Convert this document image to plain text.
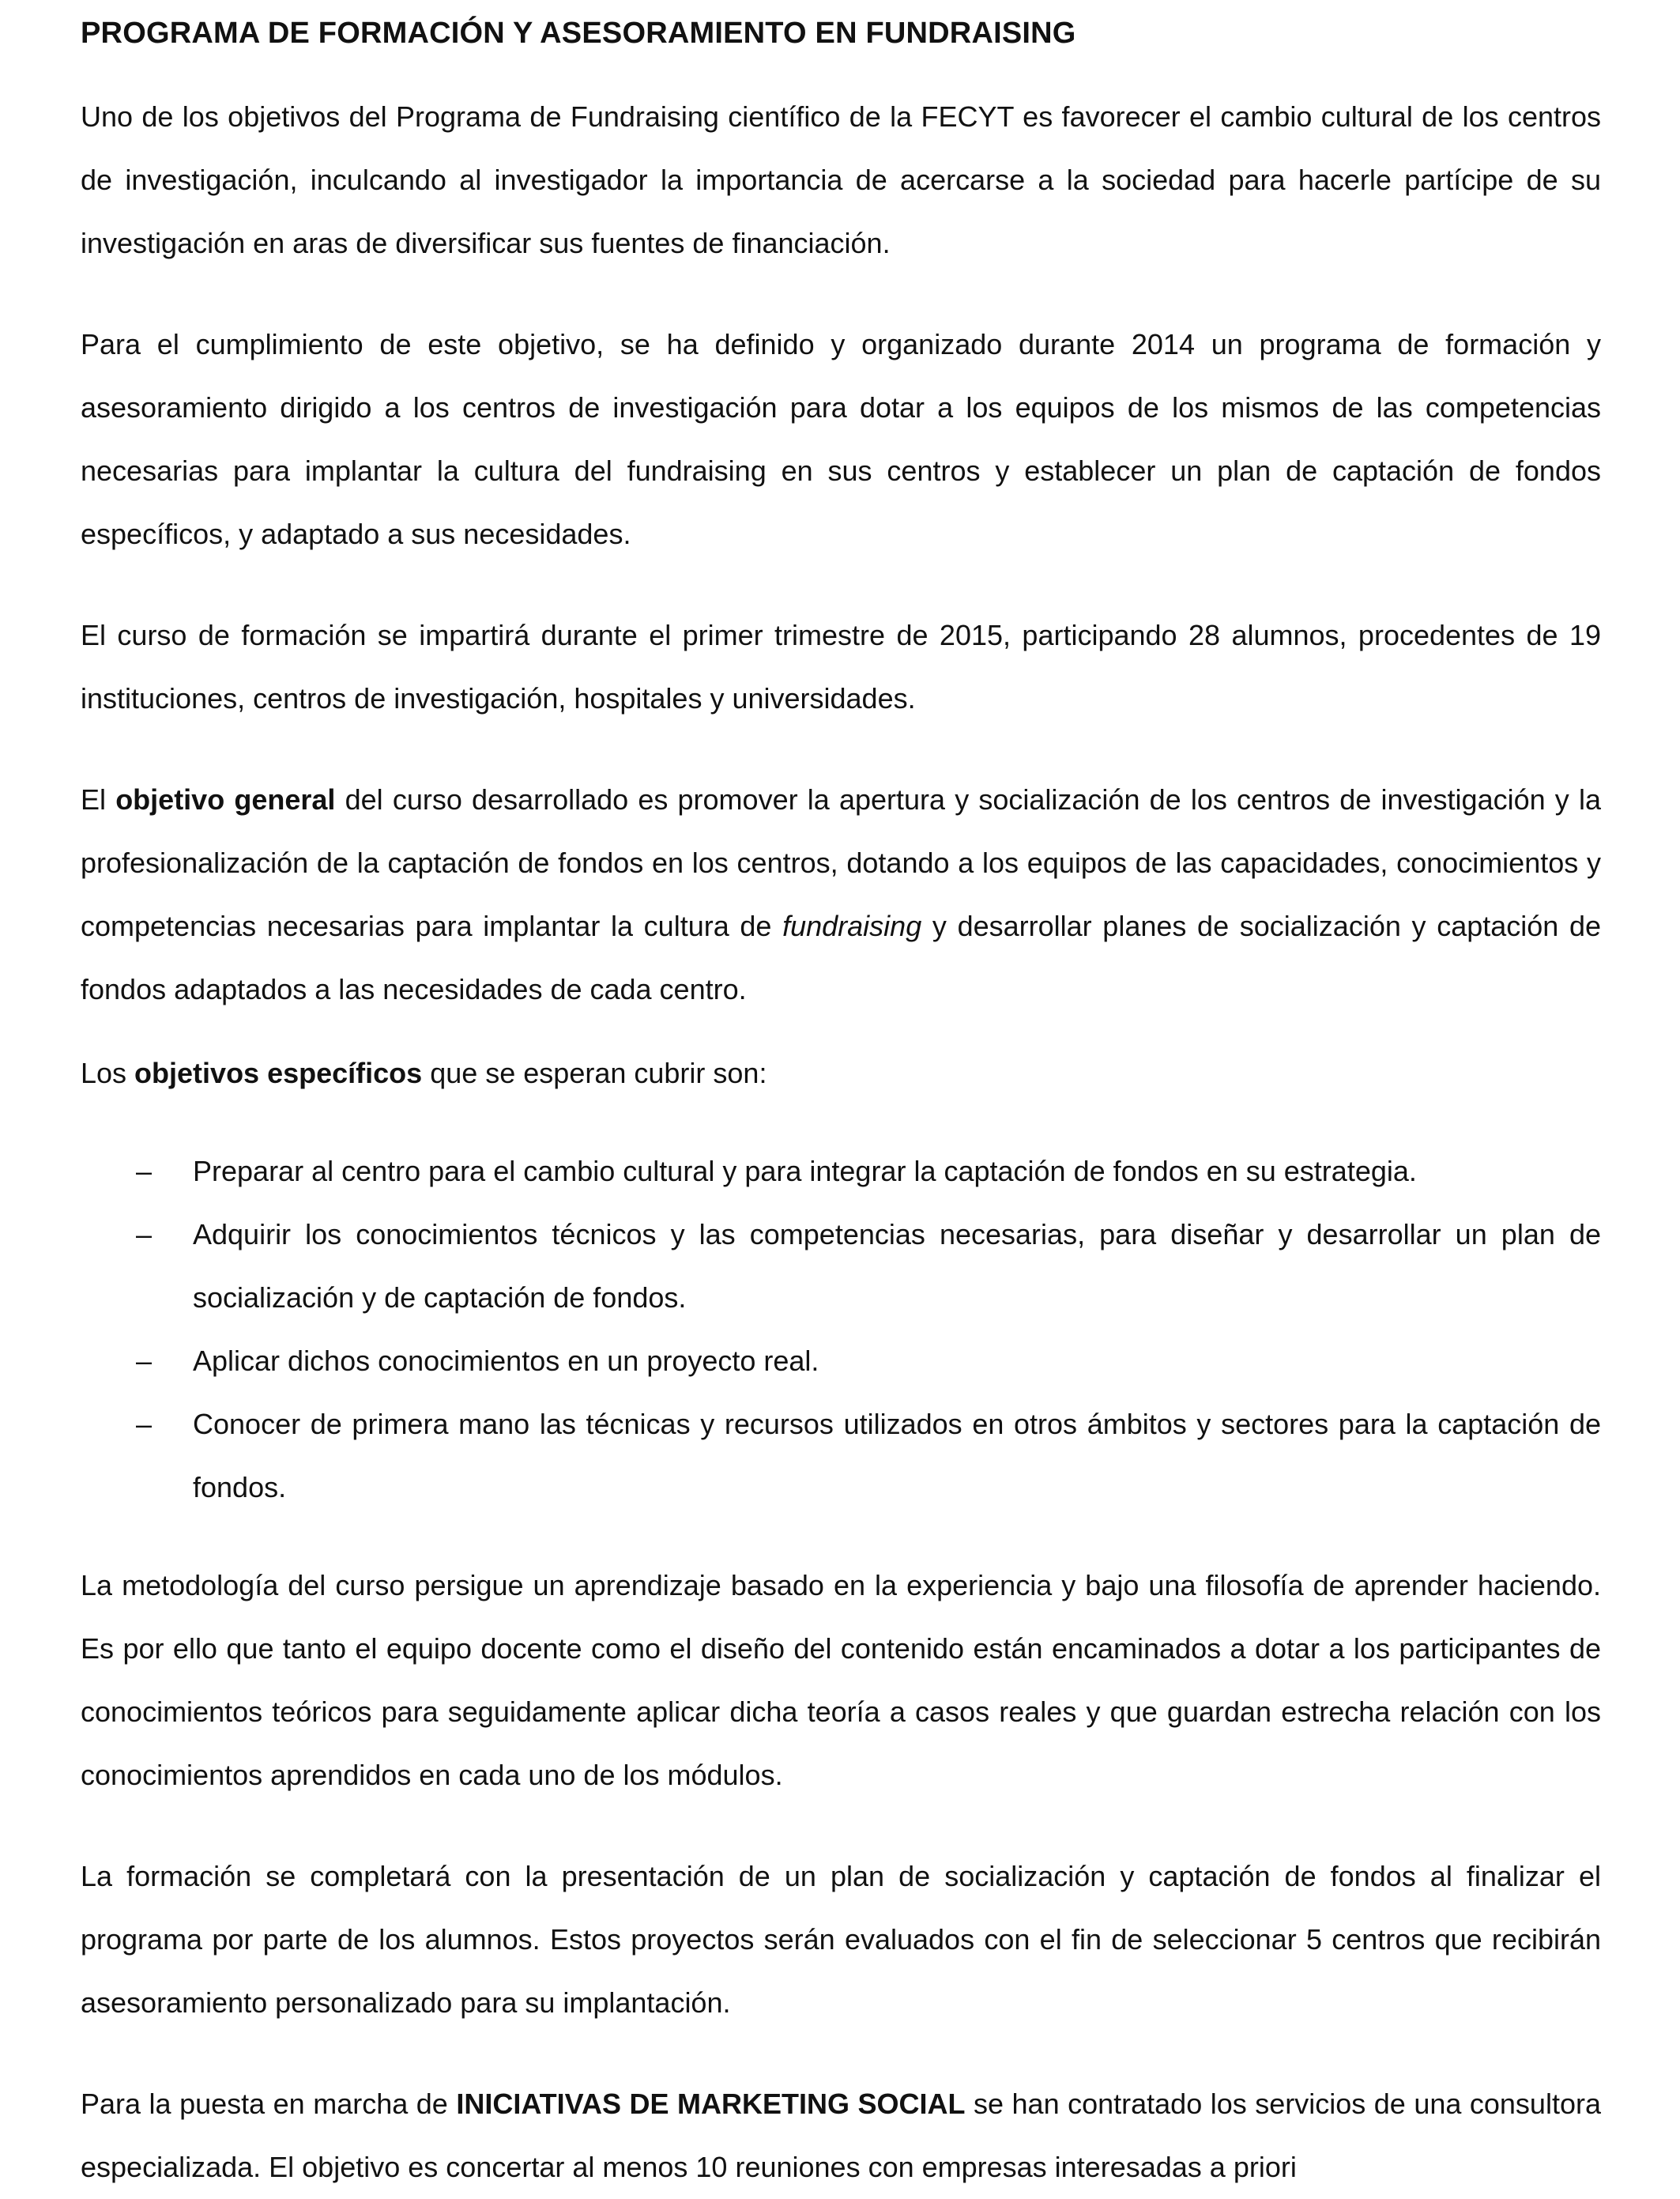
PROGRAMA DE FORMACIÓN Y ASESORAMIENTO EN FUNDRAISING

Uno de los objetivos del Programa de Fundraising científico de la FECYT es favorecer el cambio cultural de los centros de investigación, inculcando al investigador la importancia de acercarse a la sociedad para hacerle partícipe de su investigación en aras de diversificar sus fuentes de financiación.

Para el cumplimiento de este objetivo, se ha definido y organizado durante 2014 un programa de formación y asesoramiento dirigido a los centros de investigación para dotar a los equipos de los mismos de las competencias necesarias para implantar la cultura del fundraising en sus centros y establecer un plan de captación de fondos específicos, y adaptado a sus necesidades.

El curso de formación se impartirá durante el primer trimestre de 2015, participando 28 alumnos, procedentes de 19 instituciones, centros de investigación, hospitales y universidades.

El objetivo general del curso desarrollado es promover la apertura y socialización de los centros de investigación y la profesionalización de la captación de fondos en los centros, dotando a los equipos de las capacidades, conocimientos y competencias necesarias para implantar la cultura de fundraising y desarrollar planes de socialización y captación de fondos adaptados a las necesidades de cada centro.

Los objetivos específicos que se esperan cubrir son:

– Preparar al centro para el cambio cultural y para integrar la captación de fondos en su estrategia.
– Adquirir los conocimientos técnicos y las competencias necesarias, para diseñar y desarrollar un plan de socialización y de captación de fondos.
– Aplicar dichos conocimientos en un proyecto real.
– Conocer de primera mano las técnicas y recursos utilizados en otros ámbitos y sectores para la captación de fondos.

La metodología del curso persigue un aprendizaje basado en la experiencia y bajo una filosofía de aprender haciendo. Es por ello que tanto el equipo docente como el diseño del contenido están encaminados a dotar a los participantes de conocimientos teóricos para seguidamente aplicar dicha teoría a casos reales y que guardan estrecha relación con los conocimientos aprendidos en cada uno de los módulos.

La formación se completará con la presentación de un plan de socialización y captación de fondos al finalizar el programa por parte de los alumnos. Estos proyectos serán evaluados con el fin de seleccionar 5 centros que recibirán asesoramiento personalizado para su implantación.

Para la puesta en marcha de INICIATIVAS DE MARKETING SOCIAL se han contratado los servicios de una consultora especializada. El objetivo es concertar al menos 10 reuniones con empresas interesadas a priori
